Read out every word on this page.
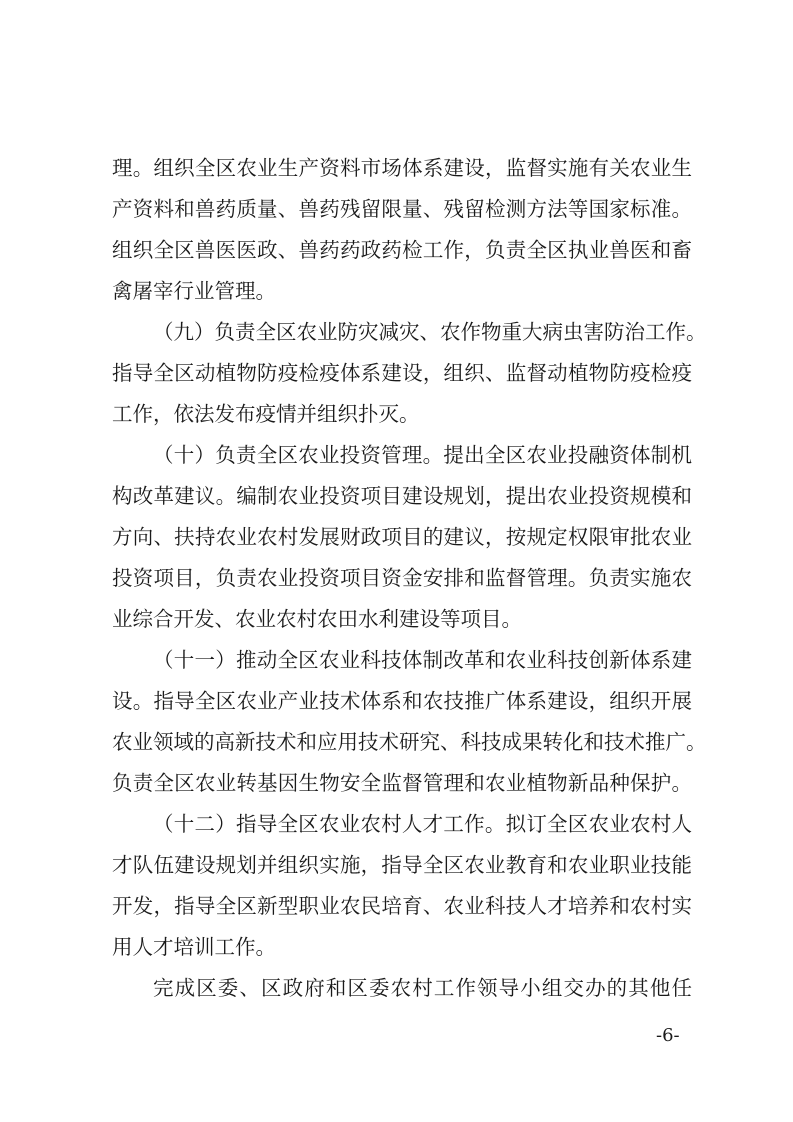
理。组织全区农业生产资料市场体系建设，监督实施有关农业生
产资料和兽药质量、兽药残留限量、残留检测方法等国家标准。
组织全区兽医医政、兽药药政药检工作，负责全区执业兽医和畜
禽屠宰行业管理。
（九）负责全区农业防灾减灾、农作物重大病虫害防治工作。
指导全区动植物防疫检疫体系建设，组织、监督动植物防疫检疫
工作，依法发布疫情并组织扑灭。
（十）负责全区农业投资管理。提出全区农业投融资体制机
构改革建议。编制农业投资项目建设规划，提出农业投资规模和
方向、扶持农业农村发展财政项目的建议，按规定权限审批农业
投资项目，负责农业投资项目资金安排和监督管理。负责实施农
业综合开发、农业农村农田水利建设等项目。
（十一）推动全区农业科技体制改革和农业科技创新体系建
设。指导全区农业产业技术体系和农技推广体系建设，组织开展
农业领域的高新技术和应用技术研究、科技成果转化和技术推广。
负责全区农业转基因生物安全监督管理和农业植物新品种保护。
（十二）指导全区农业农村人才工作。拟订全区农业农村人
才队伍建设规划并组织实施，指导全区农业教育和农业职业技能
开发，指导全区新型职业农民培育、农业科技人才培养和农村实
用人才培训工作。
完成区委、区政府和区委农村工作领导小组交办的其他任
-6-
